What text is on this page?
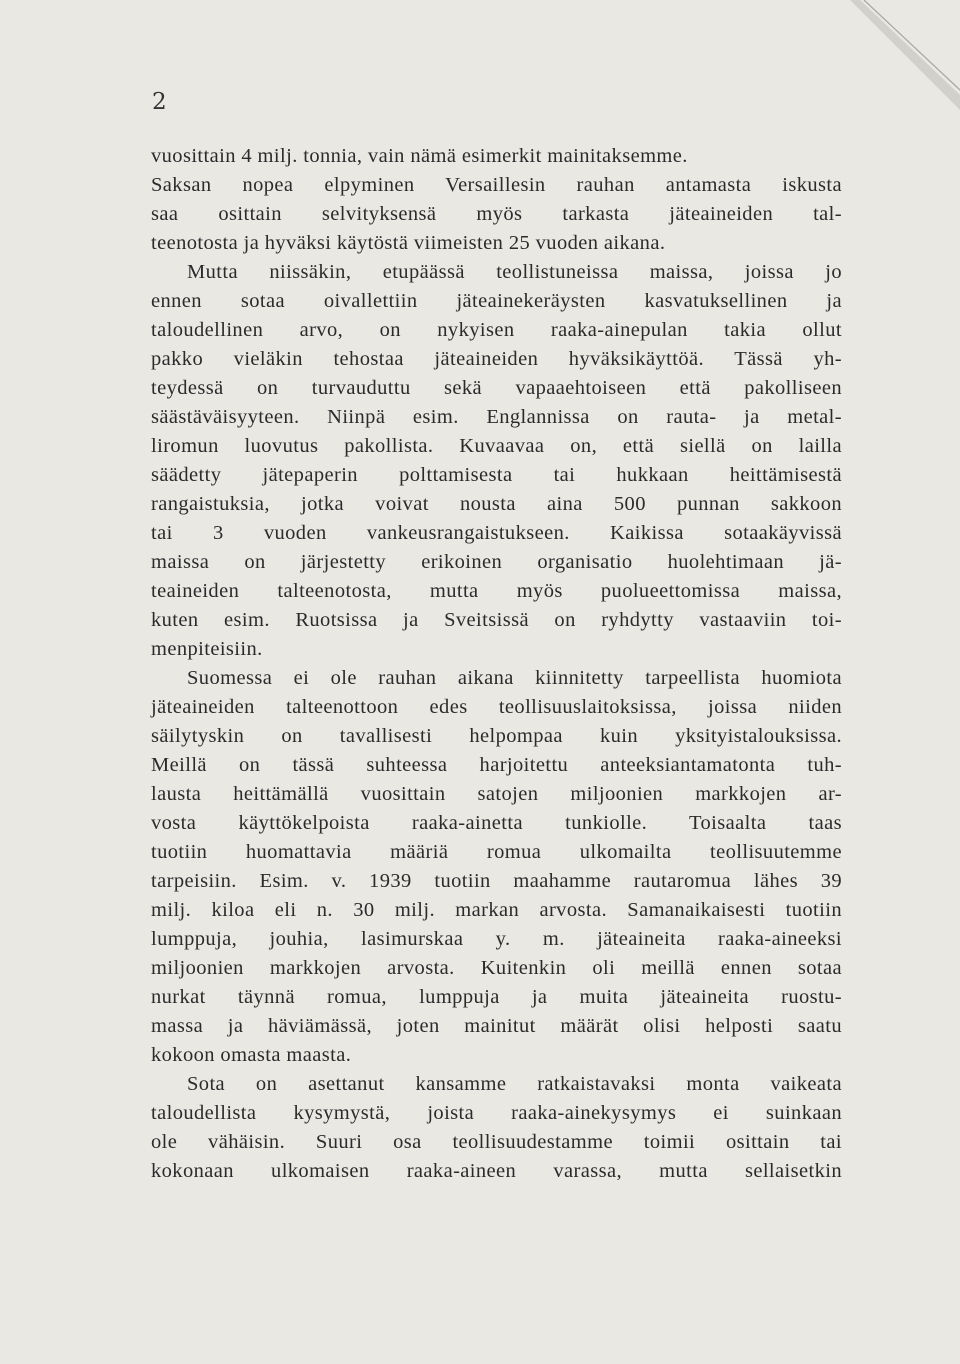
2
vuosittain 4 milj. tonnia, vain nämä esimerkit mainitaksemme.
Saksan nopea elpyminen Versaillesin rauhan antamasta iskusta
saa osittain selvityksensä myös tarkasta jäteaineiden tal-
teenotosta ja hyväksi käytöstä viimeisten 25 vuoden aikana.
Mutta niissäkin, etupäässä teollistuneissa maissa, joissa jo
ennen sotaa oivallettiin jäteainekeräysten kasvatuksellinen ja
taloudellinen arvo, on nykyisen raaka-ainepulan takia ollut
pakko vieläkin tehostaa jäteaineiden hyväksikäyttöä. Tässä yh-
teydessä on turvauduttu sekä vapaaehtoiseen että pakolliseen
säästäväisyyteen. Niinpä esim. Englannissa on rauta- ja metal-
liromun luovutus pakollista. Kuvaavaa on, että siellä on lailla
säädetty jätepaperin polttamisesta tai hukkaan heittämisestä
rangaistuksia, jotka voivat nousta aina 500 punnan sakkoon
tai 3 vuoden vankeusrangaistukseen. Kaikissa sotaakäyvissä
maissa on järjestetty erikoinen organisatio huolehtimaan jä-
teaineiden talteenotosta, mutta myös puolueettomissa maissa,
kuten esim. Ruotsissa ja Sveitsissä on ryhdytty vastaaviin toi-
menpiteisiin.
Suomessa ei ole rauhan aikana kiinnitetty tarpeellista huomiota
jäteaineiden talteenottoon edes teollisuuslaitoksissa, joissa niiden
säilytyskin on tavallisesti helpompaa kuin yksityistalouksissa.
Meillä on tässä suhteessa harjoitettu anteeksiantamatonta tuh-
lausta heittämällä vuosittain satojen miljoonien markkojen ar-
vosta käyttökelpoista raaka-ainetta tunkiolle. Toisaalta taas
tuotiin huomattavia määriä romua ulkomailta teollisuutemme
tarpeisiin. Esim. v. 1939 tuotiin maahamme rautaromua lähes 39
milj. kiloa eli n. 30 milj. markan arvosta. Samanaikaisesti tuotiin
lumppuja, jouhia, lasimurskaa y. m. jäteaineita raaka-aineeksi
miljoonien markkojen arvosta. Kuitenkin oli meillä ennen sotaa
nurkat täynnä romua, lumppuja ja muita jäteaineita ruostu-
massa ja häviämässä, joten mainitut määrät olisi helposti saatu
kokoon omasta maasta.
Sota on asettanut kansamme ratkaistavaksi monta vaikeata
taloudellista kysymystä, joista raaka-ainekysymys ei suinkaan
ole vähäisin. Suuri osa teollisuudestamme toimii osittain tai
kokonaan ulkomaisen raaka-aineen varassa, mutta sellaisetkin
